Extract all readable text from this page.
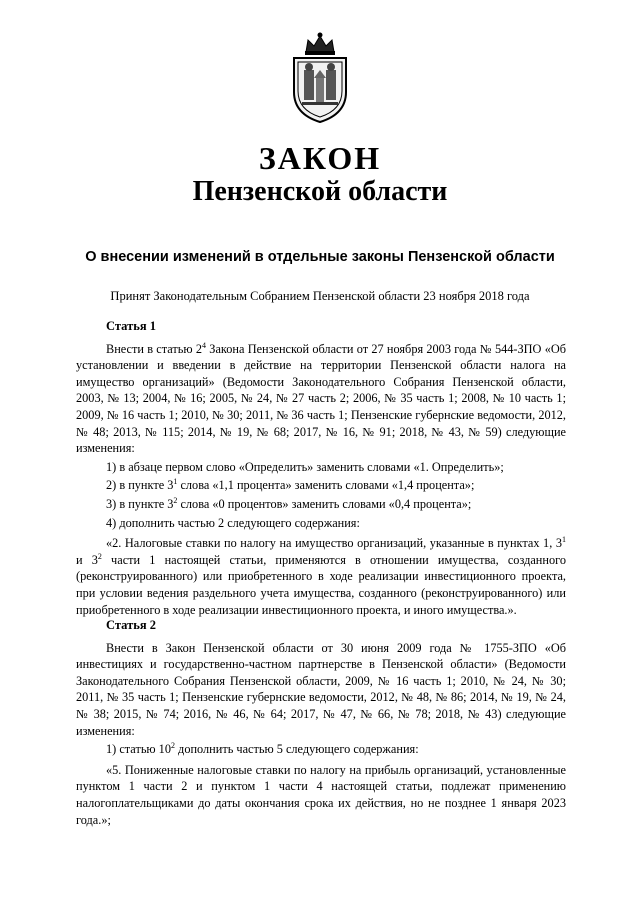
ЗАКОН
Пензенской области
О внесении изменений в отдельные законы Пензенской области
Принят Законодательным Собранием Пензенской области 23 ноября 2018 года

Статья 1

Внести в статью $2^4$ Закона Пензенской области от 27 ноября 2003 года № 544-ЗПО «Об установлении и введении в действие на территории Пензенской области налога на имущество организаций» (Ведомости Законодательного Собрания Пензенской области, 2003, № 13; 2004, № 16; 2005, № 24, № 27 часть 2; 2006, № 35 часть 1; 2008, № 10 часть 1; 2009, № 16 часть 1; 2010, № 30; 2011, № 36 часть 1; Пензенские губернские ведомости, 2012, № 48; 2013, № 115; 2014, № 19, № 68; 2017, № 16, № 91; 2018, № 43, № 59) следующие изменения:

1) в абзаце первом слово «Определить» заменить словами «1. Определить»;

2) в пункте $3^1$ слова «1,1 процента» заменить словами «1,4 процента»;

3) в пункте $3^2$ слова «0 процентов» заменить словами «0,4 процента»;

4) дополнить частью 2 следующего содержания:

«2. Налоговые ставки по налогу на имущество организаций, указанные в пунктах 1, $3^1$ и $3^2$ части 1 настоящей статьи, применяются в отношении имущества, созданного (реконструированного) или приобретенного в ходе реализации инвестиционного проекта, при условии ведения раздельного учета имущества, созданного (реконструированного) или приобретенного в ходе реализации инвестиционного проекта, и иного имущества.».

Статья 2

Внести в Закон Пензенской области от 30 июня 2009 года № 1755-ЗПО «Об инвестициях и государственно-частном партнерстве в Пензенской области» (Ведомости Законодательного Собрания Пензенской области, 2009, № 16 часть 1; 2010, № 24, № 30; 2011, № 35 часть 1; Пензенские губернские ведомости, 2012, № 48, № 86; 2014, № 19, № 24, № 38; 2015, № 74; 2016, № 46, № 64; 2017, № 47, № 66, № 78; 2018, № 43) следующие изменения:

1) статью $10^2$ дополнить частью 5 следующего содержания:

«5. Пониженные налоговые ставки по налогу на прибыль организаций, установленные пунктом 1 части 2 и пунктом 1 части 4 настоящей статьи, подлежат применению налогоплательщиками до даты окончания срока их действия, но не позднее 1 января 2023 года.»;
